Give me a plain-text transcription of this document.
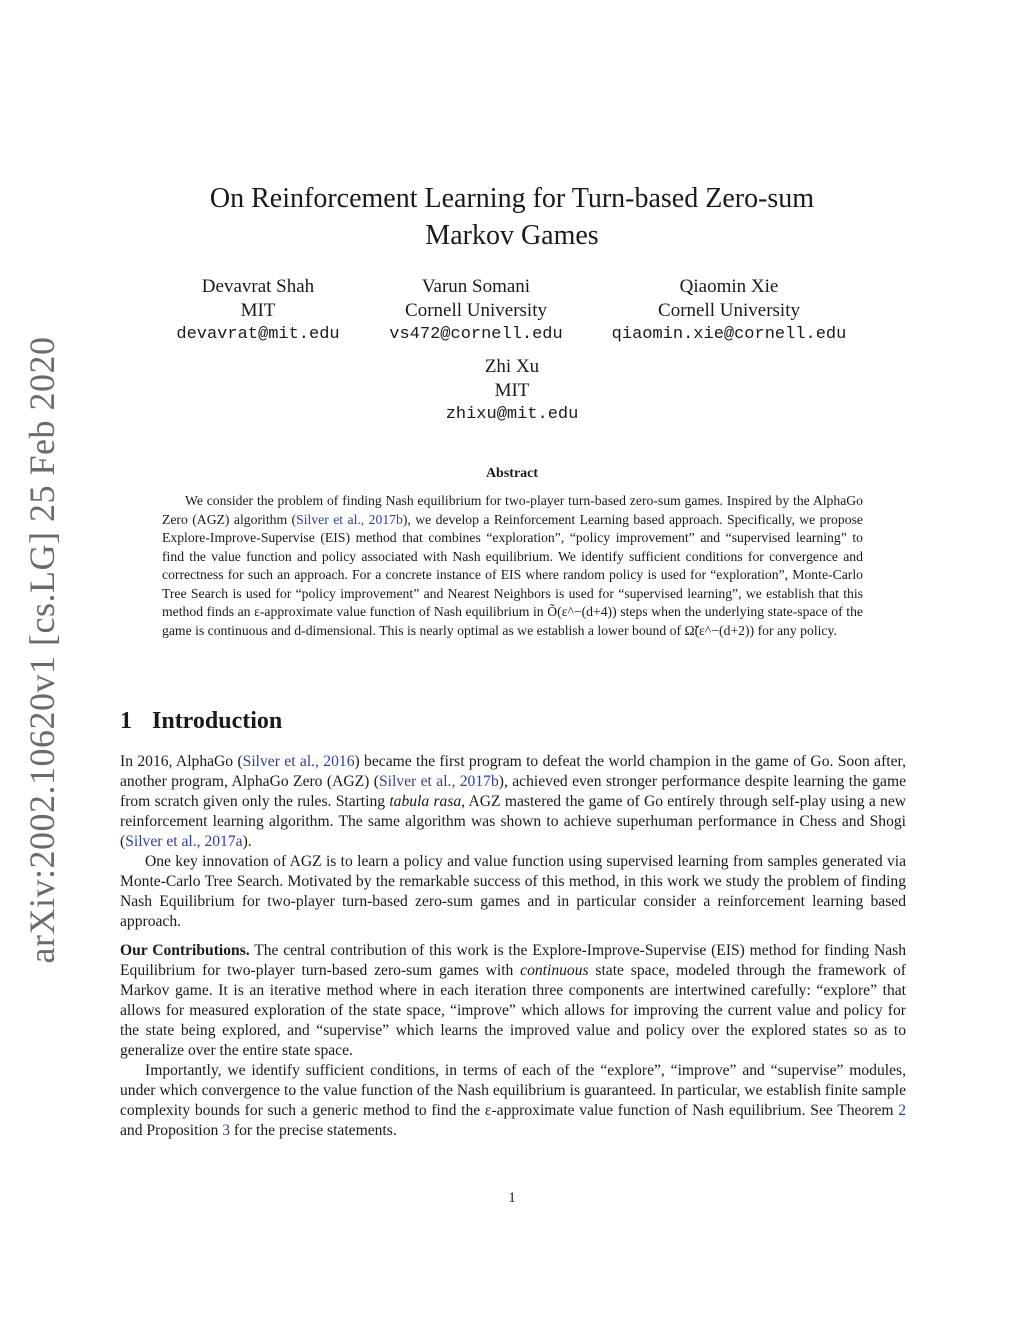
arXiv:2002.10620v1 [cs.LG] 25 Feb 2020
On Reinforcement Learning for Turn-based Zero-sum
Markov Games
Devavrat Shah
MIT
devavrat@mit.edu
Varun Somani
Cornell University
vs472@cornell.edu
Qiaomin Xie
Cornell University
qiaomin.xie@cornell.edu
Zhi Xu
MIT
zhixu@mit.edu
Abstract

We consider the problem of finding Nash equilibrium for two-player turn-based zero-sum games. Inspired by the AlphaGo Zero (AGZ) algorithm (Silver et al., 2017b), we develop a Reinforcement Learning based approach. Specifically, we propose Explore-Improve-Supervise (EIS) method that combines “exploration”, “policy improvement” and “supervised learning” to find the value function and policy associated with Nash equilibrium. We identify sufficient conditions for convergence and correctness for such an approach. For a concrete instance of EIS where random policy is used for “exploration”, Monte-Carlo Tree Search is used for “policy improvement” and Nearest Neighbors is used for “supervised learning”, we establish that this method finds an ε-approximate value function of Nash equilibrium in Õ(ε^−(d+4)) steps when the underlying state-space of the game is continuous and d-dimensional. This is nearly optimal as we establish a lower bound of Ω̃(ε^−(d+2)) for any policy.

1 Introduction

In 2016, AlphaGo (Silver et al., 2016) became the first program to defeat the world champion in the game of Go. Soon after, another program, AlphaGo Zero (AGZ) (Silver et al., 2017b), achieved even stronger performance despite learning the game from scratch given only the rules. Starting tabula rasa, AGZ mastered the game of Go entirely through self-play using a new reinforcement learning algorithm. The same algorithm was shown to achieve superhuman performance in Chess and Shogi (Silver et al., 2017a).

One key innovation of AGZ is to learn a policy and value function using supervised learning from samples generated via Monte-Carlo Tree Search. Motivated by the remarkable success of this method, in this work we study the problem of finding Nash Equilibrium for two-player turn-based zero-sum games and in particular consider a reinforcement learning based approach.

Our Contributions. The central contribution of this work is the Explore-Improve-Supervise (EIS) method for finding Nash Equilibrium for two-player turn-based zero-sum games with continuous state space, modeled through the framework of Markov game. It is an iterative method where in each iteration three components are intertwined carefully: “explore” that allows for measured exploration of the state space, “improve” which allows for improving the current value and policy for the state being explored, and “supervise” which learns the improved value and policy over the explored states so as to generalize over the entire state space.

Importantly, we identify sufficient conditions, in terms of each of the “explore”, “improve” and “supervise” modules, under which convergence to the value function of the Nash equilibrium is guaranteed. In particular, we establish finite sample complexity bounds for such a generic method to find the ε-approximate value function of Nash equilibrium. See Theorem 2 and Proposition 3 for the precise statements.

1
